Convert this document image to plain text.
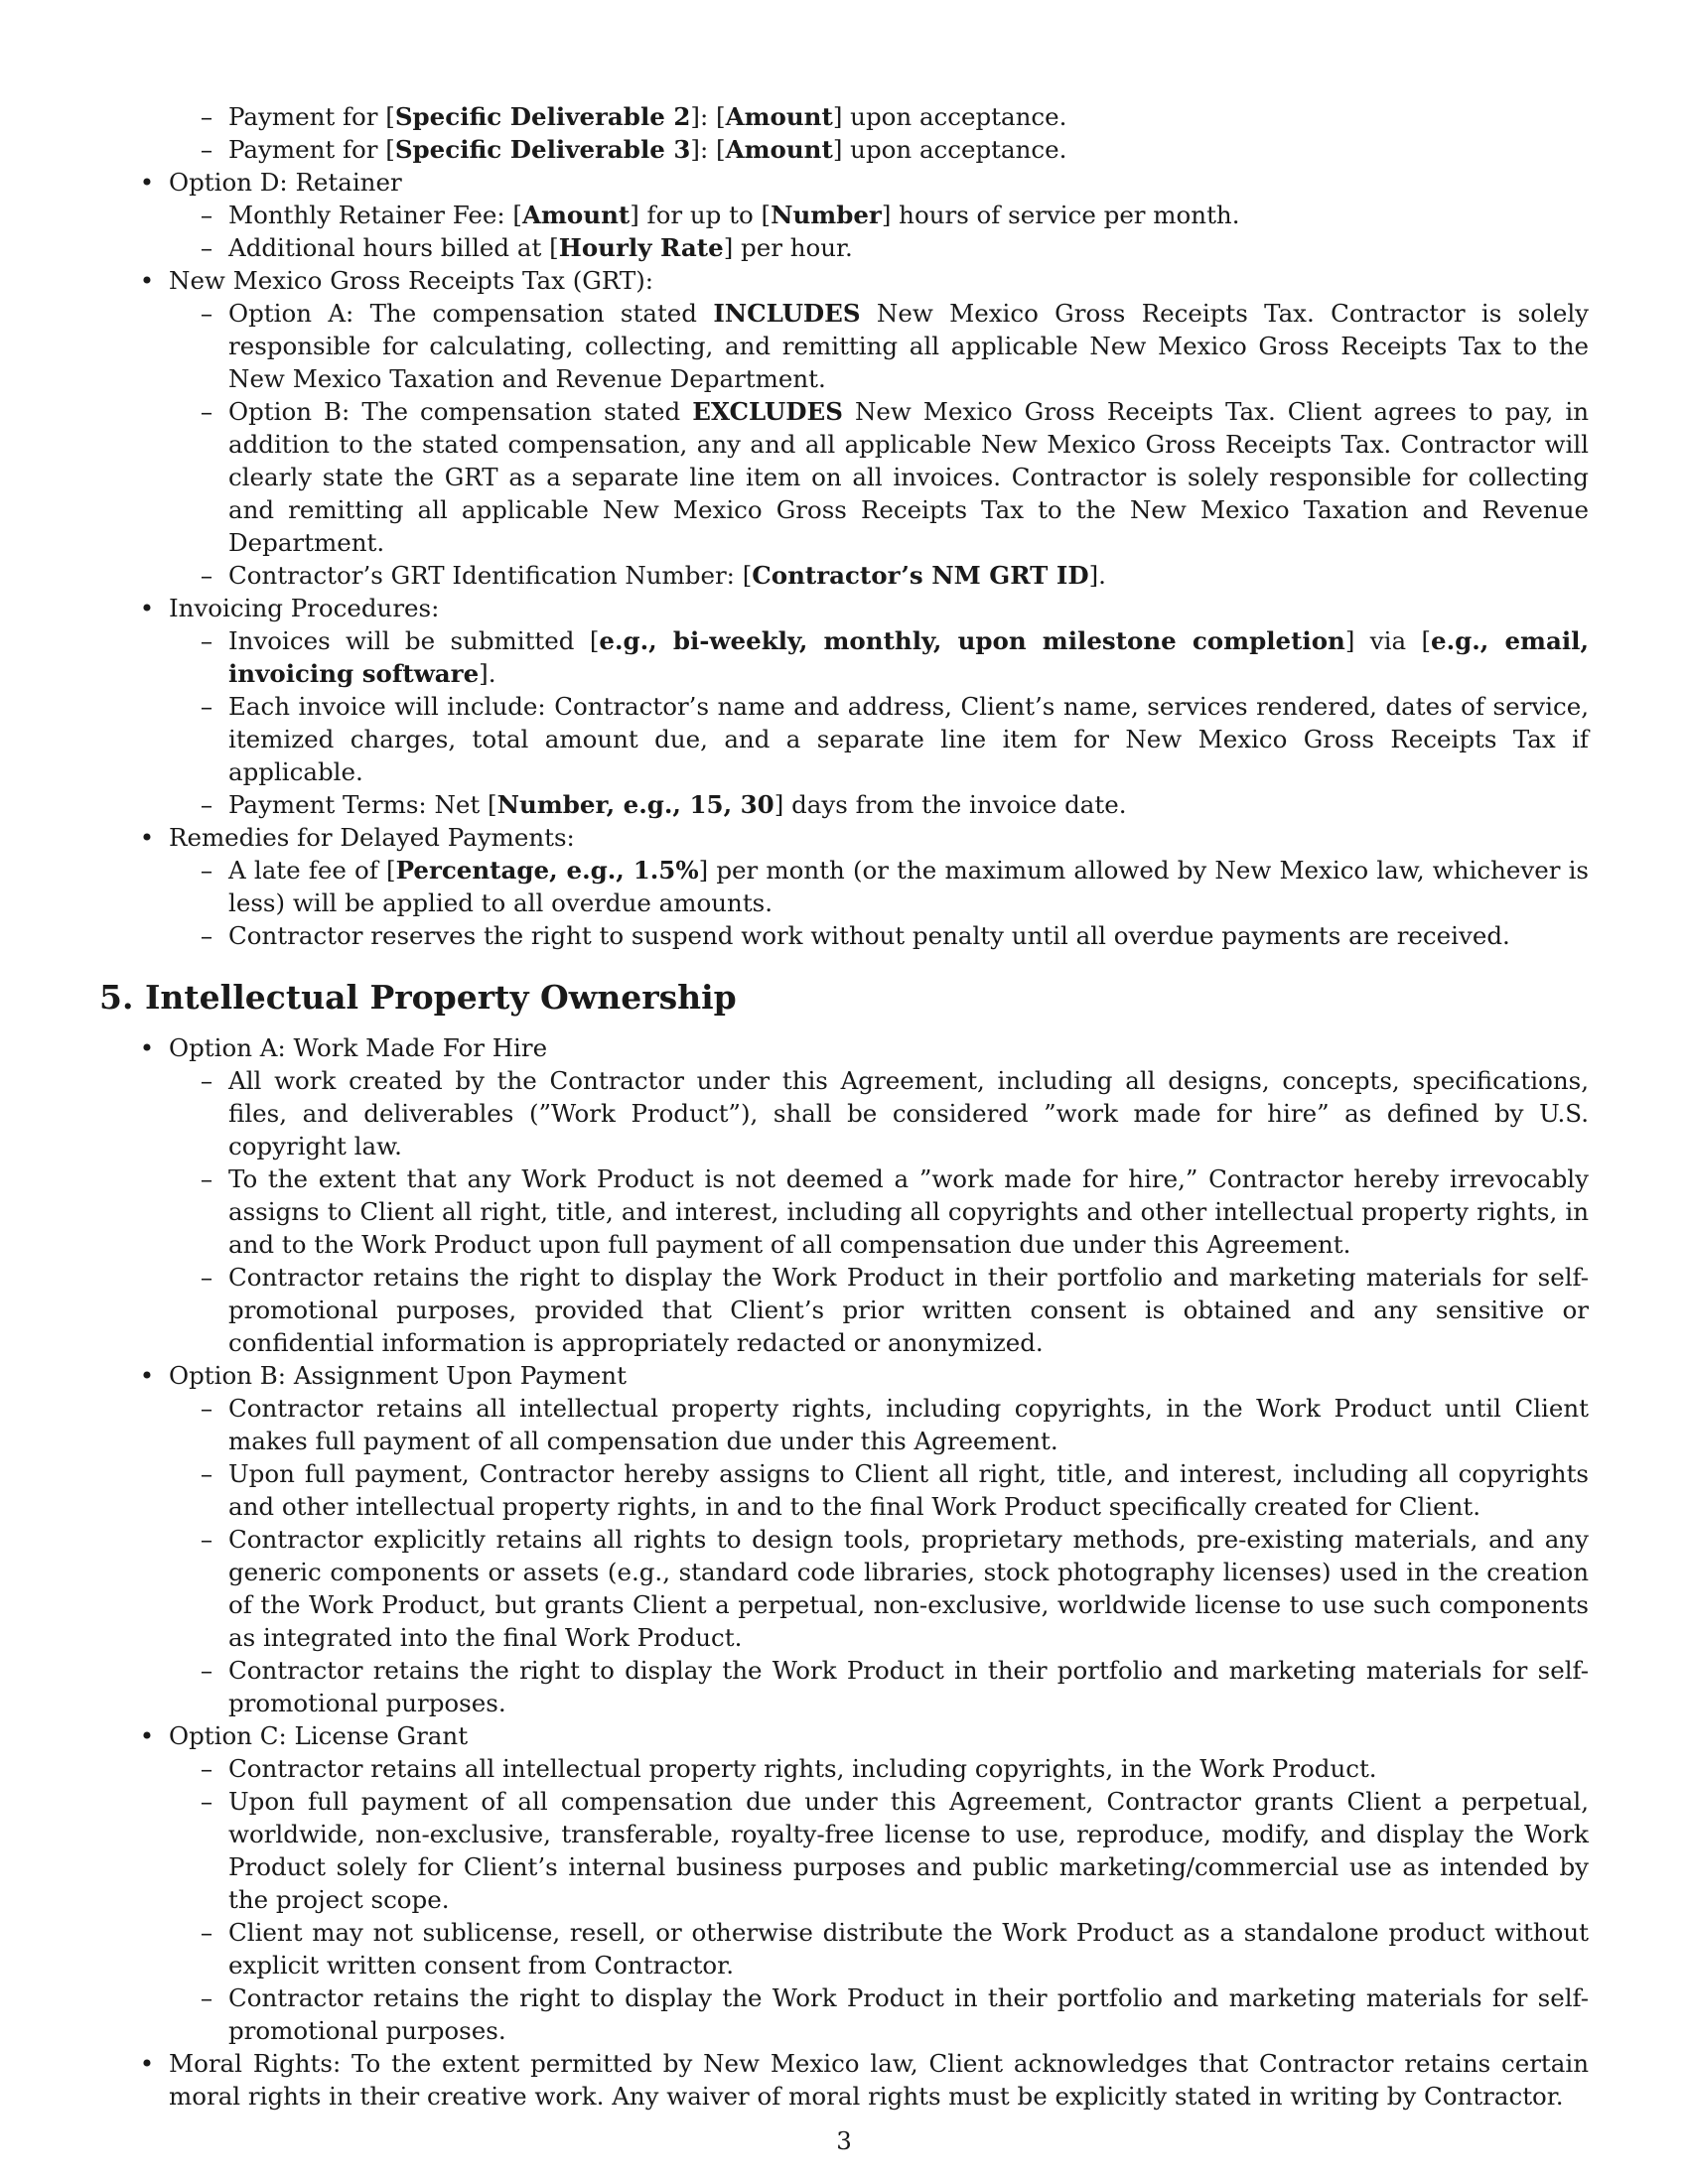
– Payment for [Specific Deliverable 2]: [Amount] upon acceptance.
– Payment for [Specific Deliverable 3]: [Amount] upon acceptance.
• Option D: Retainer
– Monthly Retainer Fee: [Amount] for up to [Number] hours of service per month.
– Additional hours billed at [Hourly Rate] per hour.
• New Mexico Gross Receipts Tax (GRT):
– Option A: The compensation stated INCLUDES New Mexico Gross Receipts Tax. Contractor is solely responsible for calculating, collecting, and remitting all applicable New Mexico Gross Receipts Tax to the New Mexico Taxation and Revenue Department.
– Option B: The compensation stated EXCLUDES New Mexico Gross Receipts Tax. Client agrees to pay, in addition to the stated compensation, any and all applicable New Mexico Gross Receipts Tax. Contractor will clearly state the GRT as a separate line item on all invoices. Contractor is solely responsible for collecting and remitting all applicable New Mexico Gross Receipts Tax to the New Mexico Taxation and Revenue Department.
– Contractor’s GRT Identification Number: [Contractor’s NM GRT ID].
• Invoicing Procedures:
– Invoices will be submitted [e.g., bi-weekly, monthly, upon milestone completion] via [e.g., email, invoicing software].
– Each invoice will include: Contractor’s name and address, Client’s name, services rendered, dates of service, itemized charges, total amount due, and a separate line item for New Mexico Gross Receipts Tax if applicable.
– Payment Terms: Net [Number, e.g., 15, 30] days from the invoice date.
• Remedies for Delayed Payments:
– A late fee of [Percentage, e.g., 1.5%] per month (or the maximum allowed by New Mexico law, whichever is less) will be applied to all overdue amounts.
– Contractor reserves the right to suspend work without penalty until all overdue payments are received.
5. Intellectual Property Ownership
• Option A: Work Made For Hire
– All work created by the Contractor under this Agreement, including all designs, concepts, specifications, files, and deliverables (”Work Product”), shall be considered ”work made for hire” as defined by U.S. copyright law.
– To the extent that any Work Product is not deemed a ”work made for hire,” Contractor hereby irrevocably assigns to Client all right, title, and interest, including all copyrights and other intellectual property rights, in and to the Work Product upon full payment of all compensation due under this Agreement.
– Contractor retains the right to display the Work Product in their portfolio and marketing materials for self-promotional purposes, provided that Client’s prior written consent is obtained and any sensitive or confidential information is appropriately redacted or anonymized.
• Option B: Assignment Upon Payment
– Contractor retains all intellectual property rights, including copyrights, in the Work Product until Client makes full payment of all compensation due under this Agreement.
– Upon full payment, Contractor hereby assigns to Client all right, title, and interest, including all copyrights and other intellectual property rights, in and to the final Work Product specifically created for Client.
– Contractor explicitly retains all rights to design tools, proprietary methods, pre-existing materials, and any generic components or assets (e.g., standard code libraries, stock photography licenses) used in the creation of the Work Product, but grants Client a perpetual, non-exclusive, worldwide license to use such components as integrated into the final Work Product.
– Contractor retains the right to display the Work Product in their portfolio and marketing materials for self-promotional purposes.
• Option C: License Grant
– Contractor retains all intellectual property rights, including copyrights, in the Work Product.
– Upon full payment of all compensation due under this Agreement, Contractor grants Client a perpetual, worldwide, non-exclusive, transferable, royalty-free license to use, reproduce, modify, and display the Work Product solely for Client’s internal business purposes and public marketing/commercial use as intended by the project scope.
– Client may not sublicense, resell, or otherwise distribute the Work Product as a standalone product without explicit written consent from Contractor.
– Contractor retains the right to display the Work Product in their portfolio and marketing materials for self-promotional purposes.
• Moral Rights: To the extent permitted by New Mexico law, Client acknowledges that Contractor retains certain moral rights in their creative work. Any waiver of moral rights must be explicitly stated in writing by Contractor.
3
